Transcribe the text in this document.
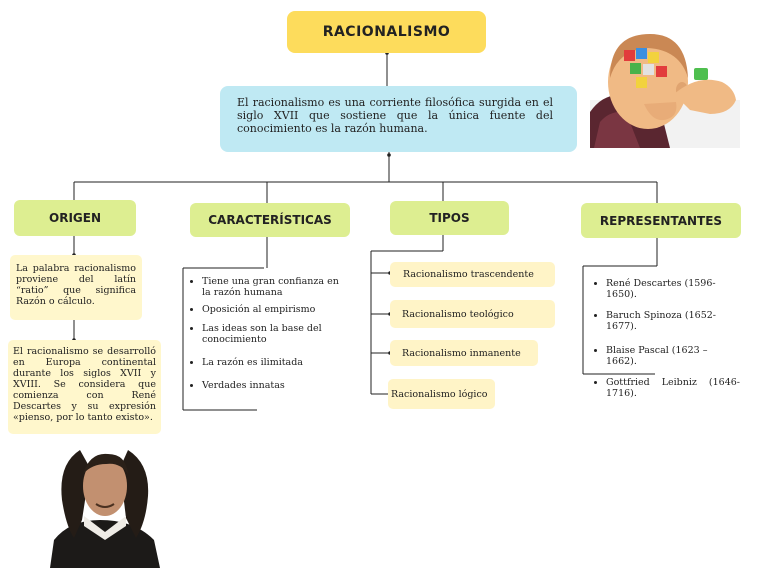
RACIONALISMO
El racionalismo es una corriente filosófica surgida en el siglo XVII que sostiene que la única fuente del conocimiento es la razón humana.
ORIGEN	CARACTERÍSTICAS	TIPOS	REPRESENTANTES
La palabra racionalismo proviene del latín “ratio” que significa Razón o cálculo.
El racionalismo se desarrolló en Europa continental durante los siglos XVII y XVIII. Se considera que comienza con René Descartes y su expresión «pienso, por lo tanto existo».
• Tiene una gran confianza en la razón humana
• Oposición al empirismo
• Las ideas son la base del conocimiento
• La razón es ilimitada
• Verdades innatas
Racionalismo trascendente
Racionalismo teológico
Racionalismo inmanente
Racionalismo lógico
• René Descartes (1596-1650).
• Baruch Spinoza (1652-1677).
• Blaise Pascal (1623 – 1662).
• Gottfried Leibniz (1646-1716).
